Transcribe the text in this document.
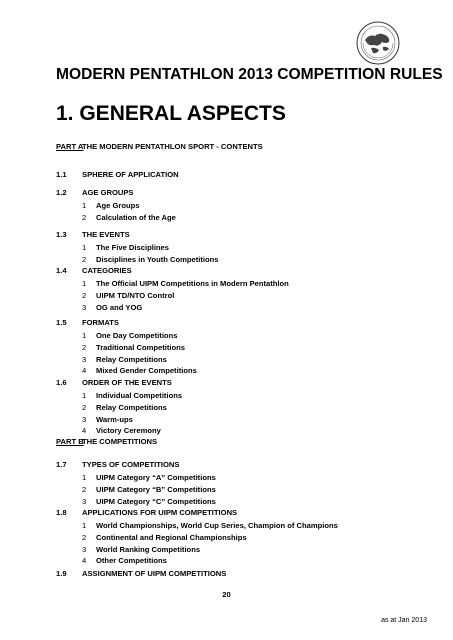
MODERN PENTATHLON 2013 COMPETITION RULES
1. GENERAL ASPECTS
PART A
THE MODERN PENTATHLON SPORT - CONTENTS
PART B
THE COMPETITIONS
1.1 SPHERE OF APPLICATION
1.2 AGE GROUPS
1 Age Groups
2 Calculation of the Age
1.3 THE EVENTS
1 The Five Disciplines
2 Disciplines in Youth Competitions
1.4 CATEGORIES
1 The Official UIPM Competitions in Modern Pentathlon
2 UIPM TD/NTO Control
3 OG and YOG
1.5 FORMATS
1 One Day Competitions
2 Traditional Competitions
3 Relay Competitions
4 Mixed Gender Competitions
1.6 ORDER OF THE EVENTS
1 Individual Competitions
2 Relay Competitions
3 Warm-ups
4 Victory Ceremony
1.7 TYPES OF COMPETITIONS
1 UIPM Category “A” Competitions
2 UIPM Category “B” Competitions
3 UIPM Category “C” Competitions
1.8 APPLICATIONS FOR UIPM COMPETITIONS
1 World Championships, World Cup Series, Champion of Champions
2 Continental and Regional Championships
3 World Ranking Competitions
4 Other Competitions
1.9 ASSIGNMENT OF UIPM COMPETITIONS
20
as at Jan 2013
